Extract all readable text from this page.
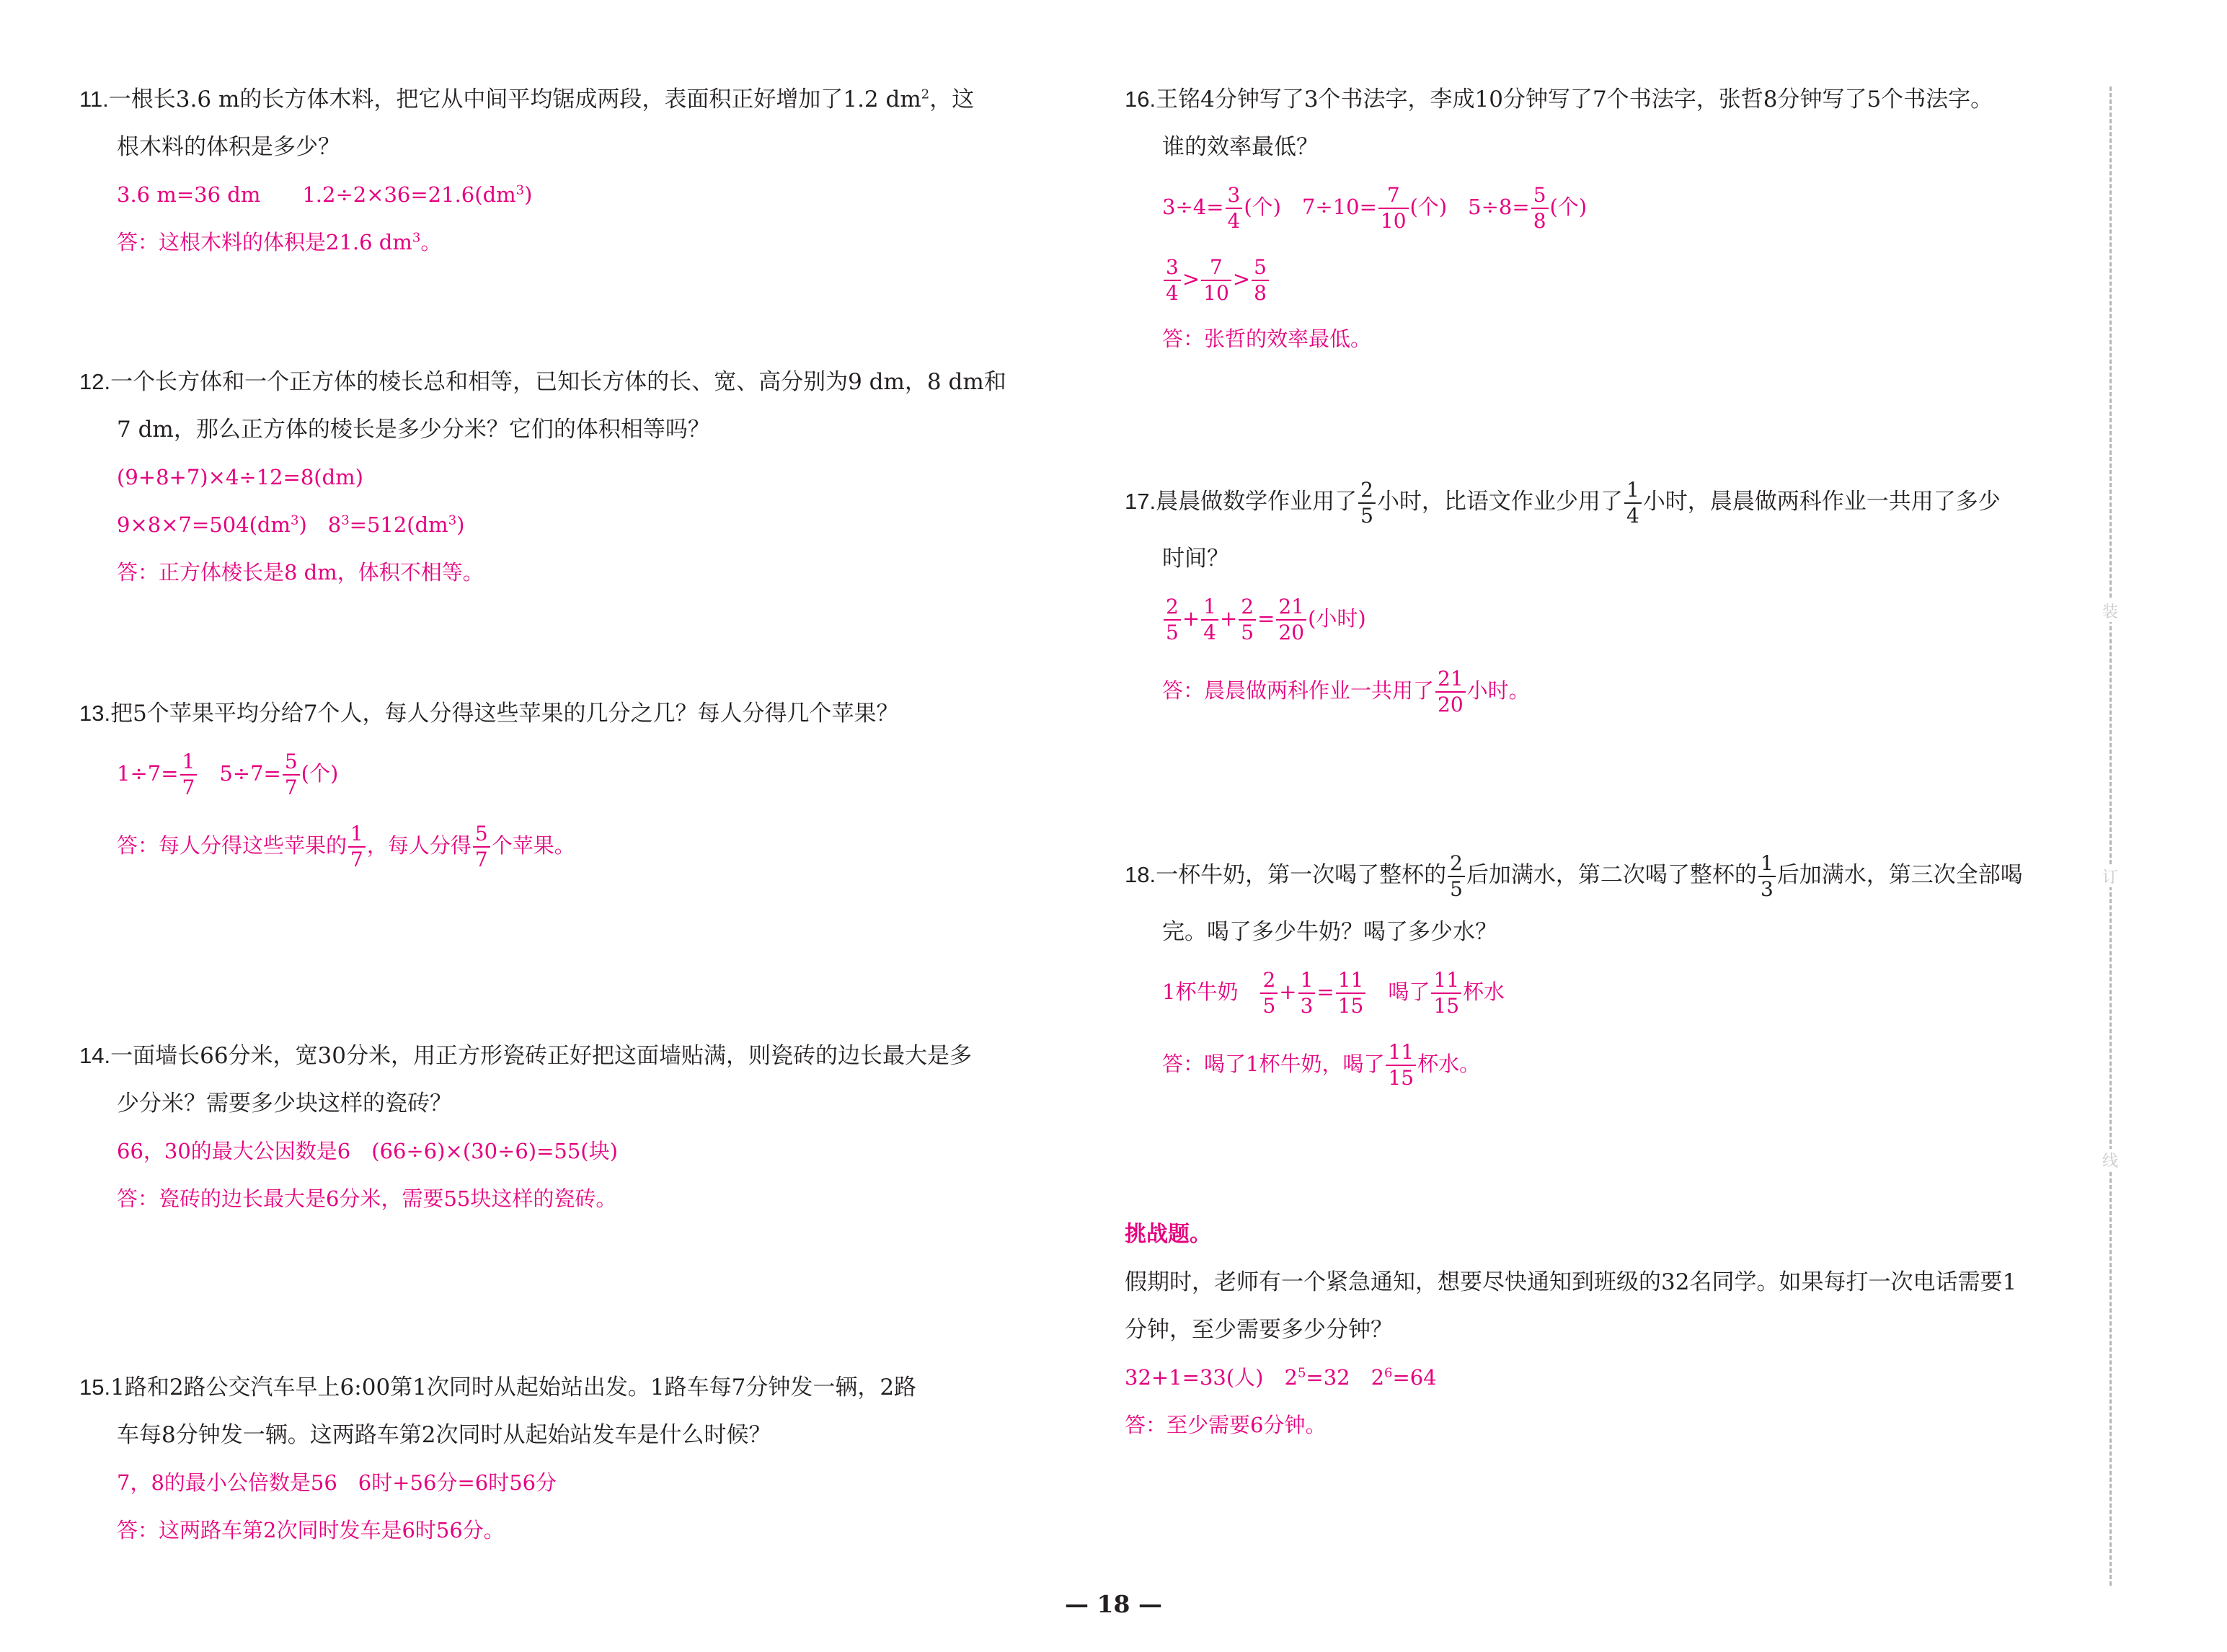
11.一根长3.6 m的长方体木料，把它从中间平均锯成两段，表面积正好增加了1.2 $dm^2$，这

根木料的体积是多少？

3.6 m=36 dm　　$1.2\div 2\times 36=21.6(dm^3)$

答：这根木料的体积是21.6 $dm^3$。

12.一个长方体和一个正方体的棱长总和相等，已知长方体的长、宽、高分别为9 dm，8 dm和

7 dm，那么正方体的棱长是多少分米？它们的体积相等吗？

(9+8+7)×4÷12=8(dm)

$9\times 8\times 7=504(dm^3)$　$8^3=512(dm^3)$

答：正方体棱长是8 dm，体积不相等。

13.把5个苹果平均分给7个人，每人分得这些苹果的几分之几？每人分得几个苹果？

$1\div 7= \frac{1}{7}$ 　$5\div 7= \frac{5}{7}$ (个)

答：每人分得这些苹果的 $\frac{1}{7}$ ，每人分得 $\frac{5}{7}$ 个苹果。

14.一面墙长66分米，宽30分米，用正方形瓷砖正好把这面墙贴满，则瓷砖的边长最大是多

少分米？需要多少块这样的瓷砖？

66，30的最大公因数是6　(66÷6)×(30÷6)=55(块)

答：瓷砖的边长最大是6分米，需要55块这样的瓷砖。

15.1路和2路公交汽车早上6:00第1次同时从起始站出发。1路车每7分钟发一辆，2路

车每8分钟发一辆。这两路车第2次同时从起始站发车是什么时候？

7，8的最小公倍数是56　6时+56分=6时56分

答：这两路车第2次同时发车是6时56分。

16.王铭4分钟写了3个书法字，李成10分钟写了7个书法字，张哲8分钟写了5个书法字。

谁的效率最低？

$3\div 4= \frac{3}{4}$ (个)　$7\div 10= \frac{7}{10}$ (个)　$5\div 8= \frac{5}{8}$ (个)

$\frac{3}{4} > \frac{7}{10} > \frac{5}{8}$

答：张哲的效率最低。

17.晨晨做数学作业用了 $\frac{2}{5}$ 小时，比语文作业少用了 $\frac{1}{4}$ 小时，晨晨做两科作业一共用了多少

时间？

$\frac{2}{5} + \frac{1}{4} + \frac{2}{5} = \frac{21}{20}$ (小时)

答：晨晨做两科作业一共用了 $\frac{21}{20}$ 小时。

18.一杯牛奶，第一次喝了整杯的 $\frac{2}{5}$ 后加满水，第二次喝了整杯的 $\frac{1}{3}$ 后加满水，第三次全部喝

完。喝了多少牛奶？喝了多少水？

1杯牛奶　 $\frac{2}{5} + \frac{1}{3} = \frac{11}{15}$ 　喝了 $\frac{11}{15}$ 杯水

答：喝了1杯牛奶，喝了 $\frac{11}{15}$ 杯水。

挑战题。

假期时，老师有一个紧急通知，想要尽快通知到班级的32名同学。如果每打一次电话需要1

分钟，至少需要多少分钟？

32+1=33(人)　$2^5=32$　$2^6=64$

答：至少需要6分钟。

装
订
线
— 18 —
